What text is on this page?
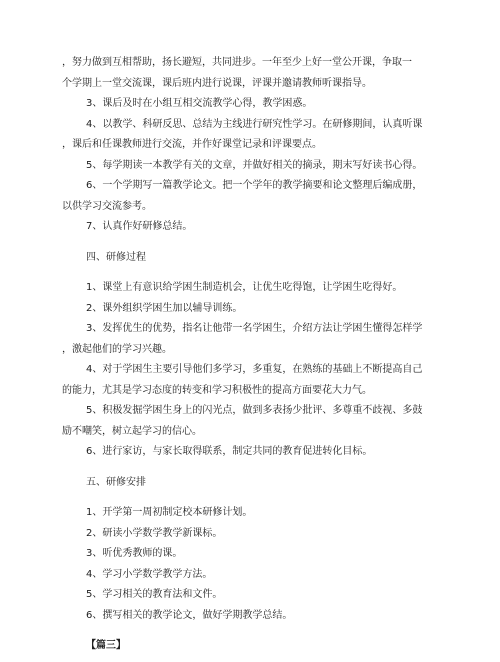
，努力做到互相帮助，扬长避短，共同进步。一年至少上好一堂公开课，争取一

个学期上一堂交流课，课后班内进行说课，评课并邀请教师听课指导。

3、课后及时在小组互相交流教学心得，教学困惑。

4、以教学、科研反思、总结为主线进行研究性学习。在研修期间，认真听课

，课后和任课教师进行交流，并作好课堂记录和评课要点。

5、每学期读一本教学有关的文章，并做好相关的摘录，期末写好读书心得。

6、一个学期写一篇教学论文。把一个学年的教学摘要和论文整理后编成册，

以供学习交流参考。

7、认真作好研修总结。

四、研修过程

1、课堂上有意识给学困生制造机会，让优生吃得饱，让学困生吃得好。

2、课外组织学困生加以辅导训练。

3、发挥优生的优势，指名让他带一名学困生，介绍方法让学困生懂得怎样学

，激起他们的学习兴趣。

4、对于学困生主要引导他们多学习，多重复，在熟练的基础上不断提高自己

的能力，尤其是学习态度的转变和学习积极性的提高方面要花大力气。

5、积极发掘学困生身上的闪光点，做到多表扬少批评、多尊重不歧视、多鼓

励不嘲笑，树立起学习的信心。

6、进行家访，与家长取得联系，制定共同的教育促进转化目标。

五、研修安排

1、开学第一周初制定校本研修计划。

2、研读小学数学教学新课标。

3、听优秀教师的课。

4、学习小学数学教学方法。

5、学习相关的教育法和文件。

6、撰写相关的教学论文，做好学期教学总结。

【篇三】
